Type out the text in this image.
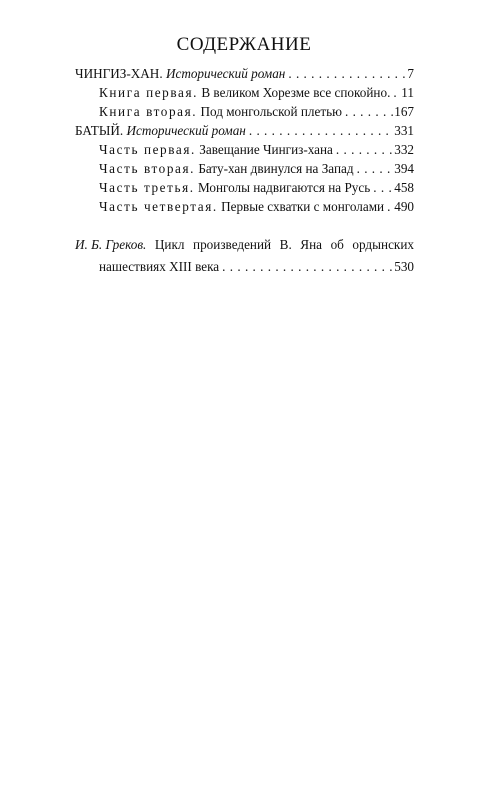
СОДЕРЖАНИЕ
ЧИНГИЗ-ХАН. Исторический роман . . .	7
Книга первая. В великом Хорезме все спокойно. . . . 11
Книга вторая. Под монгольской плетью . . .	167
БАТЫЙ. Исторический роман . . .	331
Часть первая. Завещание Чингиз-хана . . .	332
Часть вторая. Бату-хан двинулся на Запад . . .	394
Часть третья. Монголы надвигаются на Русь . . . 458
Часть четвертая. Первые схватки с монголами . . . 490
И. Б. Греков. Цикл произведений В. Яна об ордынских
нашествиях XIII века . . .	530
